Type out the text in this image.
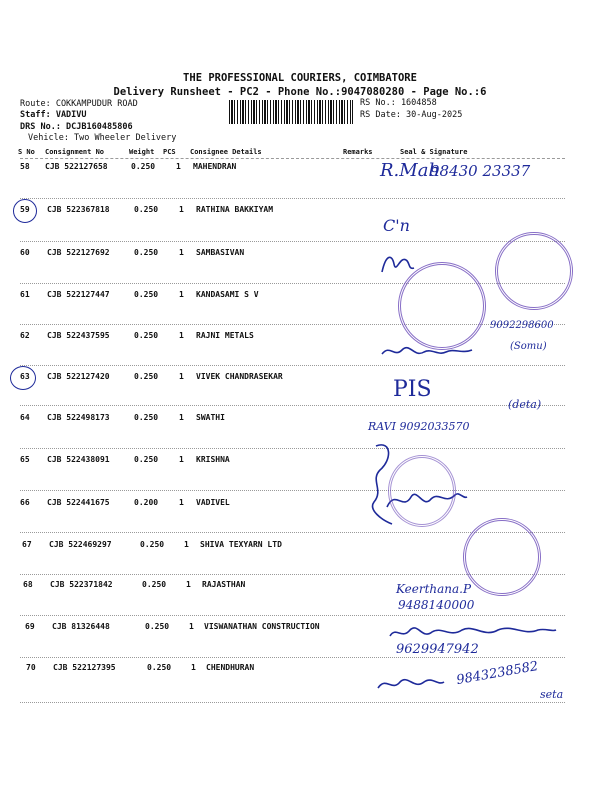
THE PROFESSIONAL COURIERS, COIMBATORE
Delivery Runsheet - PC2 - Phone No.:9047080280 - Page No.:6
Route: COKKAMPUDUR ROAD
Staff: VADIVU
DRS No.: DCJB160485806
Vehicle: Two Wheeler Delivery
RS No.: 1604858
RS Date: 30-Aug-2025
S No Consignment No	Weight PCS Consignee Details	Remarks	Seal & Signature
58 CJB 522127658	0.250	1 MAHENDRAN
59 CJB 522367818	0.250	1 RATHINA BAKKIYAM
60 CJB 522127692	0.250	1 SAMBASIVAN
61 CJB 522127447	0.250	1 KANDASAMI S V
62 CJB 522437595	0.250	1 RAJNI METALS
63 CJB 522127420	0.250	1 VIVEK CHANDRASEKAR
64 CJB 522498173	0.250	1 SWATHI
65 CJB 522438091	0.250	1 KRISHNA
66 CJB 522441675	0.200	1 VADIVEL
67 CJB 522469297	0.250 1 SHIVA TEXYARN LTD
68 CJB 522371842	0.250 1 RAJASTHAN
69 CJB 81326448	0.250 1 VISWANATHAN CONSTRUCTION
70 CJB 522127395	0.250 1 CHENDHURAN
R.Mah
98430 23337
C'n
9092298600
(Somu)
PIS
RAVI 9092033570
(deta)
Keerthana.P
9488140000
9629947942
9843238582
seta
